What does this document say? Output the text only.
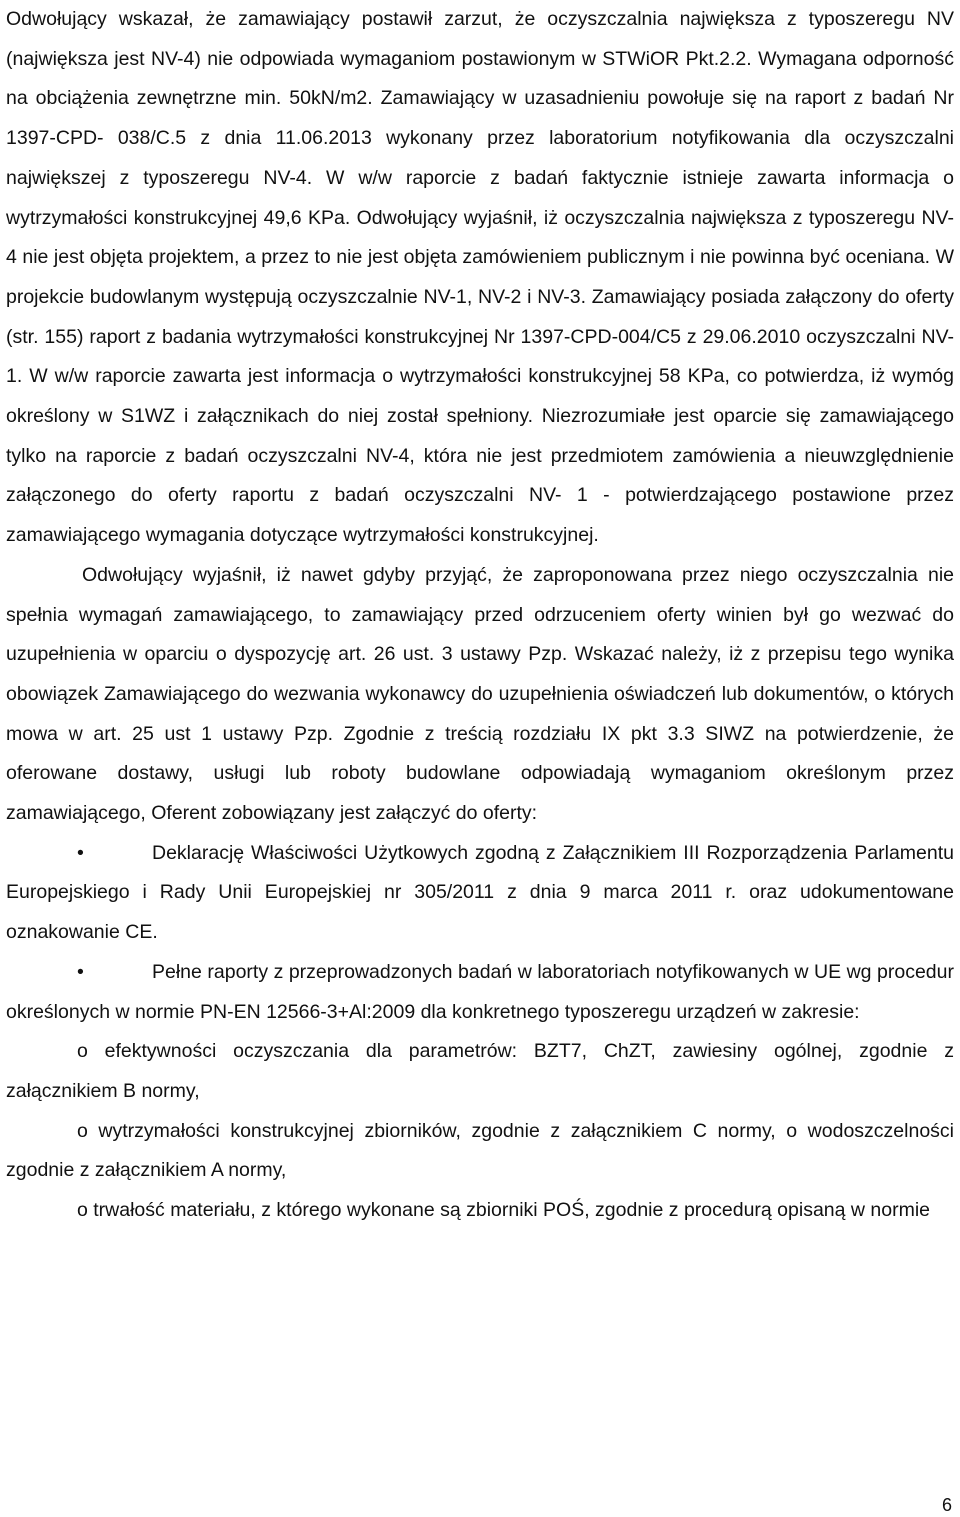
Odwołujący wskazał, że zamawiający postawił zarzut, że oczyszczalnia największa z typoszeregu NV (największa jest NV-4) nie odpowiada wymaganiom postawionym w STWiOR Pkt.2.2. Wymagana odporność na obciążenia zewnętrzne min. 50kN/m2. Zamawiający w uzasadnieniu powołuje się na raport z badań Nr 1397-CPD- 038/C.5 z dnia 11.06.2013 wykonany przez laboratorium notyfikowania dla oczyszczalni największej z typoszeregu NV-4. W w/w raporcie z badań faktycznie istnieje zawarta informacja o wytrzymałości konstrukcyjnej 49,6 KPa. Odwołujący wyjaśnił, iż oczyszczalnia największa z typoszeregu NV-4 nie jest objęta projektem, a przez to nie jest objęta zamówieniem publicznym i nie powinna być oceniana. W projekcie budowlanym występują oczyszczalnie NV-1, NV-2 i NV-3. Zamawiający posiada załączony do oferty (str. 155) raport z badania wytrzymałości konstrukcyjnej Nr 1397-CPD-004/C5 z 29.06.2010 oczyszczalni NV-1. W w/w raporcie zawarta jest informacja o wytrzymałości konstrukcyjnej 58 KPa, co potwierdza, iż wymóg określony w S1WZ i załącznikach do niej został spełniony. Niezrozumiałe jest oparcie się zamawiającego tylko na raporcie z badań oczyszczalni NV-4, która nie jest przedmiotem zamówienia a nieuwzględnienie załączonego do oferty raportu z badań oczyszczalni NV- 1 - potwierdzającego postawione przez zamawiającego wymagania dotyczące wytrzymałości konstrukcyjnej.

Odwołujący wyjaśnił, iż nawet gdyby przyjąć, że zaproponowana przez niego oczyszczalnia nie spełnia wymagań zamawiającego, to zamawiający przed odrzuceniem oferty winien był go wezwać do uzupełnienia w oparciu o dyspozycję art. 26 ust. 3 ustawy Pzp. Wskazać należy, iż z przepisu tego wynika obowiązek Zamawiającego do wezwania wykonawcy do uzupełnienia oświadczeń lub dokumentów, o których mowa w art. 25 ust 1 ustawy Pzp. Zgodnie z treścią rozdziału IX pkt 3.3 SIWZ na potwierdzenie, że oferowane dostawy, usługi lub roboty budowlane odpowiadają wymaganiom określonym przez zamawiającego, Oferent zobowiązany jest załączyć do oferty:

•	Deklarację Właściwości Użytkowych zgodną z Załącznikiem III Rozporządzenia Parlamentu Europejskiego i Rady Unii Europejskiej nr 305/2011 z dnia 9 marca 2011 r. oraz udokumentowane oznakowanie CE.

•	Pełne raporty z przeprowadzonych badań w laboratoriach notyfikowanych w UE wg procedur określonych w normie PN-EN 12566-3+Al:2009 dla konkretnego typoszeregu urządzeń w zakresie:

o efektywności oczyszczania dla parametrów: BZT7, ChZT, zawiesiny ogólnej, zgodnie z załącznikiem B normy,

o wytrzymałości konstrukcyjnej zbiorników, zgodnie z załącznikiem C normy, o wodoszczelności zgodnie z załącznikiem A normy,

o trwałość materiału, z którego wykonane są zbiorniki POŚ, zgodnie z procedurą opisaną w normie

6
